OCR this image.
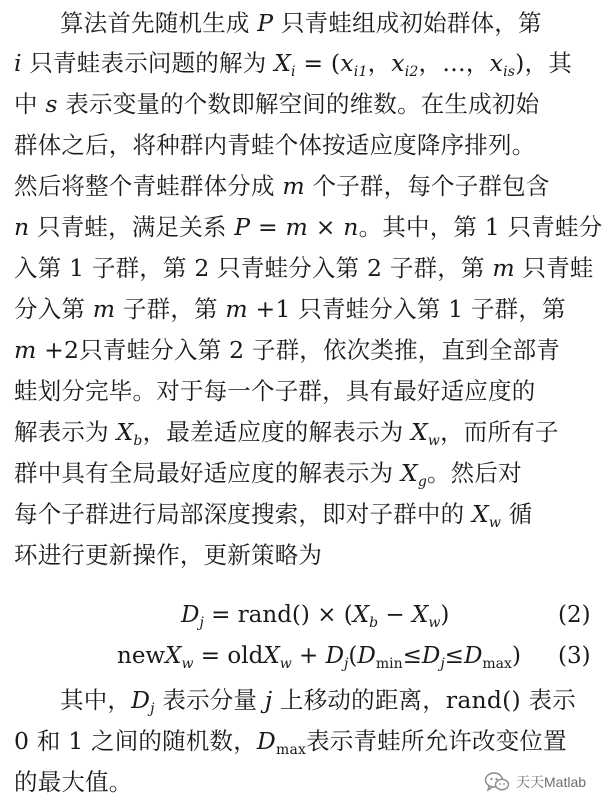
算法首先随机生成 P 只青蛙组成初始群体，第
i 只青蛙表示问题的解为 $X_i = (x_{i1}$，$x_{i2}$，…，$x_{is}$)，其
中 s 表示变量的个数即解空间的维数。在生成初始
群体之后，将种群内青蛙个体按适应度降序排列。
然后将整个青蛙群体分成 m 个子群，每个子群包含
n 只青蛙，满足关系 P = m × n。其中，第 1 只青蛙分
入第 1 子群，第 2 只青蛙分入第 2 子群，第 m 只青蛙
分入第 m 子群，第 m +1 只青蛙分入第 1 子群，第
m +2只青蛙分入第 2 子群，依次类推，直到全部青
蛙划分完毕。对于每一个子群，具有最好适应度的
解表示为 $X_b$，最差适应度的解表示为 $X_w$，而所有子
群中具有全局最好适应度的解表示为 $X_g$。然后对
每个子群进行局部深度搜索，即对子群中的 $X_w$ 循
环进行更新操作，更新策略为
$D_j$ = rand() × $(X_b - X_w)$	(2)
newX$_w$ = oldX$_w$ + $D_j(D_{min}\le D_j\le D_{max})$ (3)
其中，$D_j$ 表示分量 j 上移动的距离，rand() 表示
0 和 1 之间的随机数，$D_{max}$表示青蛙所允许改变位置
的最大值。	天天Matlab
